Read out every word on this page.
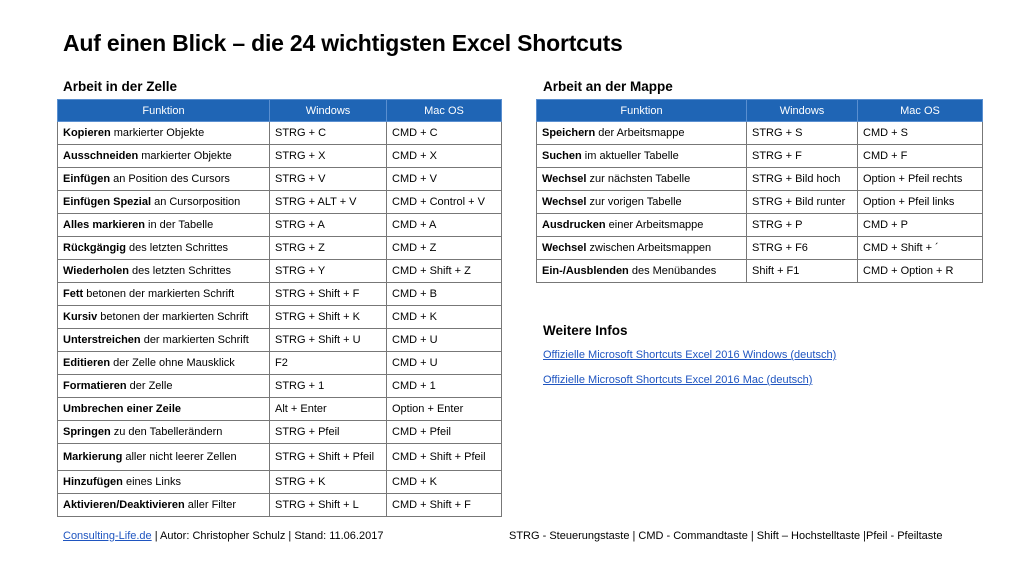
Auf einen Blick – die 24 wichtigsten Excel Shortcuts
Arbeit in der Zelle	Arbeit an der Mappe
Funktion	Windows	Mac OS
Kopieren markierter Objekte	STRG + C	CMD + C
Ausschneiden markierter Objekte	STRG + X	CMD + X
Einfügen an Position des Cursors	STRG + V	CMD + V
Einfügen Spezial an Cursorposition	STRG + ALT + V	CMD + Control + V
Alles markieren in der Tabelle	STRG + A	CMD + A
Rückgängig des letzten Schrittes	STRG + Z	CMD + Z
Wiederholen des letzten Schrittes	STRG + Y	CMD + Shift + Z
Fett betonen der markierten Schrift	STRG + Shift + F	CMD + B
Kursiv betonen der markierten Schrift	STRG + Shift + K	CMD + K
Unterstreichen der markierten Schrift	STRG + Shift + U	CMD + U
Editieren der Zelle ohne Mausklick	F2	CMD + U
Formatieren der Zelle	STRG + 1	CMD + 1
Umbrechen einer Zeile	Alt + Enter	Option + Enter
Springen zu den Tabellerändern	STRG + Pfeil	CMD + Pfeil
Markierung aller nicht leerer Zellen	STRG + Shift + Pfeil	CMD + Shift + Pfeil
Hinzufügen eines Links	STRG + K	CMD + K
Aktivieren/Deaktivieren aller Filter	STRG + Shift + L	CMD + Shift + F
Funktion	Windows	Mac OS
Speichern der Arbeitsmappe	STRG + S	CMD + S
Suchen im aktueller Tabelle	STRG + F	CMD + F
Wechsel zur nächsten Tabelle	STRG + Bild hoch	Option + Pfeil rechts
Wechsel zur vorigen Tabelle	STRG + Bild runter	Option + Pfeil links
Ausdrucken einer Arbeitsmappe	STRG + P	CMD + P
Wechsel zwischen Arbeitsmappen	STRG + F6	CMD + Shift + ´
Ein-/Ausblenden des Menübandes	Shift + F1	CMD + Option + R
Weitere Infos
Offizielle Microsoft Shortcuts Excel 2016 Windows (deutsch)
Offizielle Microsoft Shortcuts Excel 2016 Mac (deutsch)
Consulting-Life.de | Autor: Christopher Schulz | Stand: 11.06.2017	STRG - Steuerungstaste | CMD - Commandtaste | Shift – Hochstelltaste |Pfeil - Pfeiltaste
